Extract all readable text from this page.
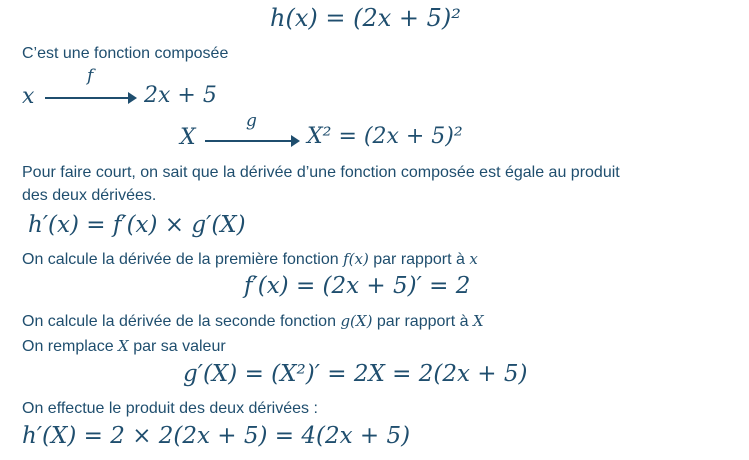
h(x) = (2x + 5)²
C’est une fonction composée
x
f
2x + 5
X
g
X² = (2x + 5)²
Pour faire court, on sait que la dérivée d’une fonction composée est égale au produit
des deux dérivées.
h′(x) = f′(x) × g′(X)
On calcule la dérivée de la première fonction f(x) par rapport à x
f′(x) = (2x + 5)′ = 2
On calcule la dérivée de la seconde fonction g(X) par rapport à X
On remplace X par sa valeur
g′(X) = (X²)′ = 2X = 2(2x + 5)
On effectue le produit des deux dérivées :
h′(X) = 2 × 2(2x + 5) = 4(2x + 5)
